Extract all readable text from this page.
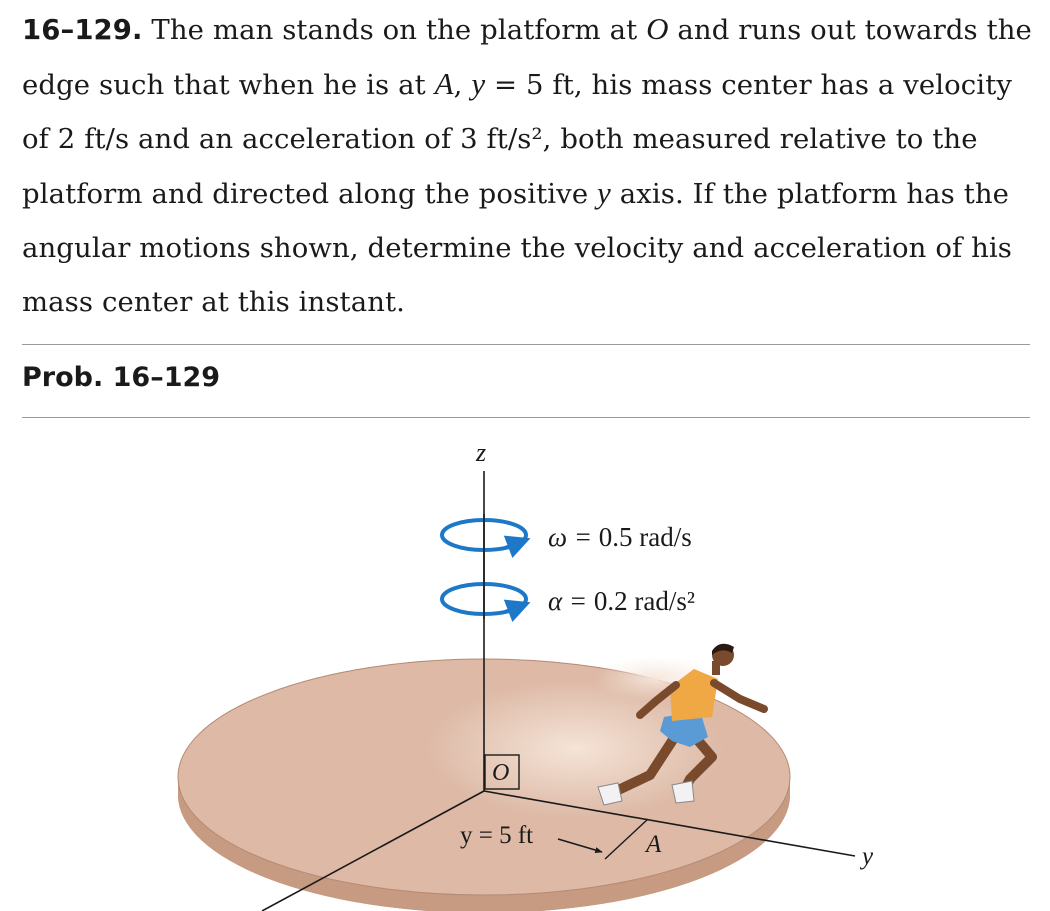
16–129. The man stands on the platform at O and runs out towards the
edge such that when he is at A, y = 5 ft, his mass center has a velocity
of 2 ft/s and an acceleration of 3 ft/s², both measured relative to the
platform and directed along the positive y axis. If the platform has the
angular motions shown, determine the velocity and acceleration of his
mass center at this instant.
Prob. 16–129
z
ω = 0.5 rad/s
α = 0.2 rad/s²
O
y = 5 ft	A	y
